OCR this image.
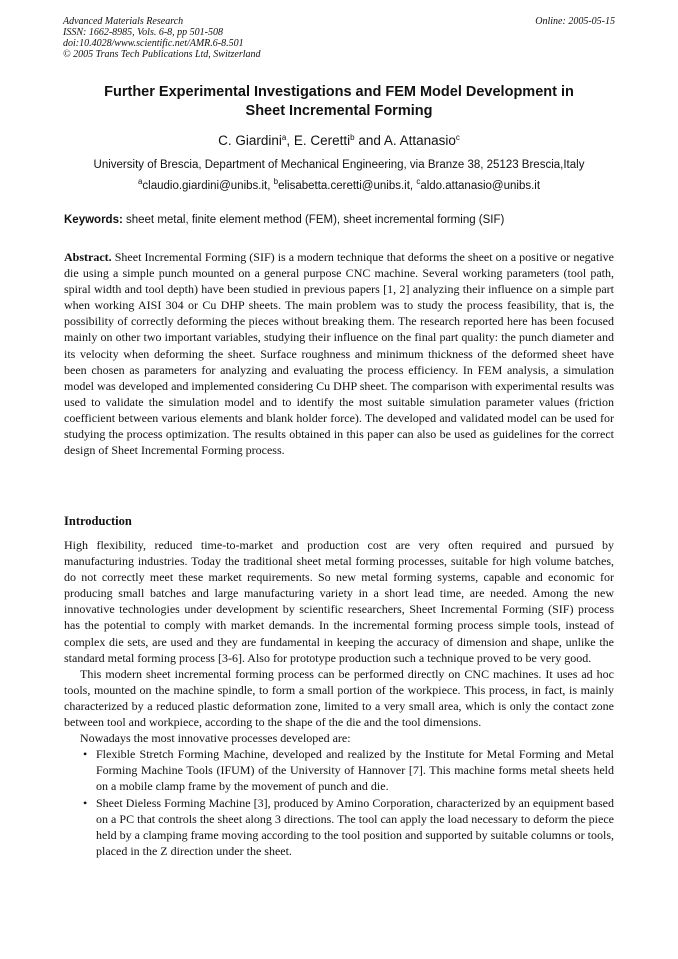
Advanced Materials Research
ISSN: 1662-8985, Vols. 6-8, pp 501-508
doi:10.4028/www.scientific.net/AMR.6-8.501
© 2005 Trans Tech Publications Ltd, Switzerland
Online: 2005-05-15
Further Experimental Investigations and FEM Model Development in
Sheet Incremental Forming
C. Giardini$^a$, E. Ceretti$^b$ and A. Attanasio$^c$
University of Brescia, Department of Mechanical Engineering, via Branze 38, 25123 Brescia,Italy
$^a$claudio.giardini@unibs.it, $^b$elisabetta.ceretti@unibs.it, $^c$aldo.attanasio@unibs.it
Keywords: sheet metal, finite element method (FEM), sheet incremental forming (SIF)

Abstract. Sheet Incremental Forming (SIF) is a modern technique that deforms the sheet on a positive or negative die using a simple punch mounted on a general purpose CNC machine. Several working parameters (tool path, spiral width and tool depth) have been studied in previous papers [1, 2] analyzing their influence on a simple part when working AISI 304 or Cu DHP sheets. The main problem was to study the process feasibility, that is, the possibility of correctly deforming the pieces without breaking them. The research reported here has been focused mainly on other two important variables, studying their influence on the final part quality: the punch diameter and its velocity when deforming the sheet. Surface roughness and minimum thickness of the deformed sheet have been chosen as parameters for analyzing and evaluating the process efficiency. In FEM analysis, a simulation model was developed and implemented considering Cu DHP sheet. The comparison with experimental results was used to validate the simulation model and to identify the most suitable simulation parameter values (friction coefficient between various elements and blank holder force). The developed and validated model can be used for studying the process optimization. The results obtained in this paper can also be used as guidelines for the correct design of Sheet Incremental Forming process.

Introduction

High flexibility, reduced time-to-market and production cost are very often required and pursued by manufacturing industries. Today the traditional sheet metal forming processes, suitable for high volume batches, do not correctly meet these market requirements. So new metal forming systems, capable and economic for producing small batches and large manufacturing variety in a short lead time, are needed. Among the new innovative technologies under development by scientific researchers, Sheet Incremental Forming (SIF) process has the potential to comply with market demands. In the incremental forming process simple tools, instead of complex die sets, are used and they are fundamental in keeping the accuracy of dimension and shape, unlike the standard metal forming process [3-6]. Also for prototype production such a technique proved to be very good.

This modern sheet incremental forming process can be performed directly on CNC machines. It uses ad hoc tools, mounted on the machine spindle, to form a small portion of the workpiece. This process, in fact, is mainly characterized by a reduced plastic deformation zone, limited to a very small area, which is only the contact zone between tool and workpiece, according to the shape of the die and the tool dimensions.

Nowadays the most innovative processes developed are:

• Flexible Stretch Forming Machine, developed and realized by the Institute for Metal Forming and Metal Forming Machine Tools (IFUM) of the University of Hannover [7]. This machine forms metal sheets held on a mobile clamp frame by the movement of punch and die.
• Sheet Dieless Forming Machine [3], produced by Amino Corporation, characterized by an equipment based on a PC that controls the sheet along 3 directions. The tool can apply the load necessary to deform the piece held by a clamping frame moving according to the tool position and supported by suitable columns or tools, placed in the Z direction under the sheet.
